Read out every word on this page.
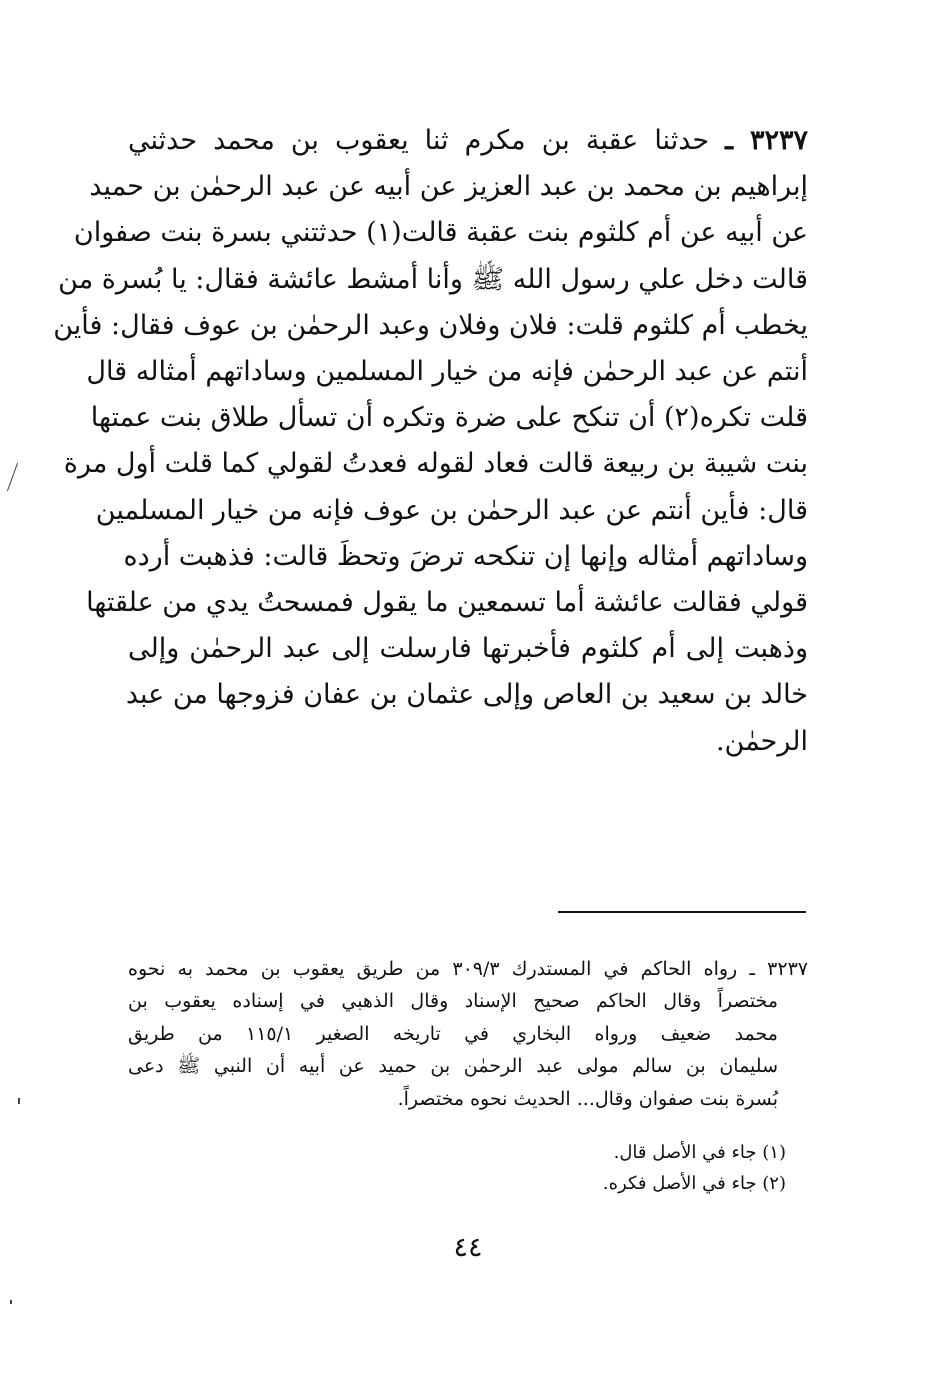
٣٢٣٧ ـ حدثنا عقبة بن مكرم ثنا يعقوب بن محمد حدثني
إبراهيم بن محمد بن عبد العزيز عن أبيه عن عبد الرحمٰن بن حميد
عن أبيه عن أم كلثوم بنت عقبة قالت(١) حدثتني بسرة بنت صفوان
قالت دخل علي رسول الله ﷺ وأنا أمشط عائشة فقال: يا بُسرة من
يخطب أم كلثوم قلت: فلان وفلان وعبد الرحمٰن بن عوف فقال: فأين
أنتم عن عبد الرحمٰن فإنه من خيار المسلمين وساداتهم أمثاله قال
قلت تكره(٢) أن تنكح على ضرة وتكره أن تسأل طلاق بنت عمتها
بنت شيبة بن ربيعة قالت فعاد لقوله فعدتُ لقولي كما قلت أول مرة
قال: فأين أنتم عن عبد الرحمٰن بن عوف فإنه من خيار المسلمين
وساداتهم أمثاله وإنها إن تنكحه ترضَ وتحظَ قالت: فذهبت أرده
قولي فقالت عائشة أما تسمعين ما يقول فمسحتُ يدي من علقتها
وذهبت إلى أم كلثوم فأخبرتها فارسلت إلى عبد الرحمٰن وإلى
خالد بن سعيد بن العاص وإلى عثمان بن عفان فزوجها من عبد
الرحمٰن.
٣٢٣٧ ـ رواه الحاكم في المستدرك ٣٠٩/٣ من طريق يعقوب بن محمد به نحوه
مختصراً وقال الحاكم صحيح الإسناد وقال الذهبي في إسناده يعقوب بن
محمد ضعيف ورواه البخاري في تاريخه الصغير ١١٥/١ من طريق
سليمان بن سالم مولى عبد الرحمٰن بن حميد عن أبيه أن النبي ﷺ دعى
بُسرة بنت صفوان وقال... الحديث نحوه مختصراً.
(١) جاء في الأصل قال.
(٢) جاء في الأصل فكره.
٤٤
